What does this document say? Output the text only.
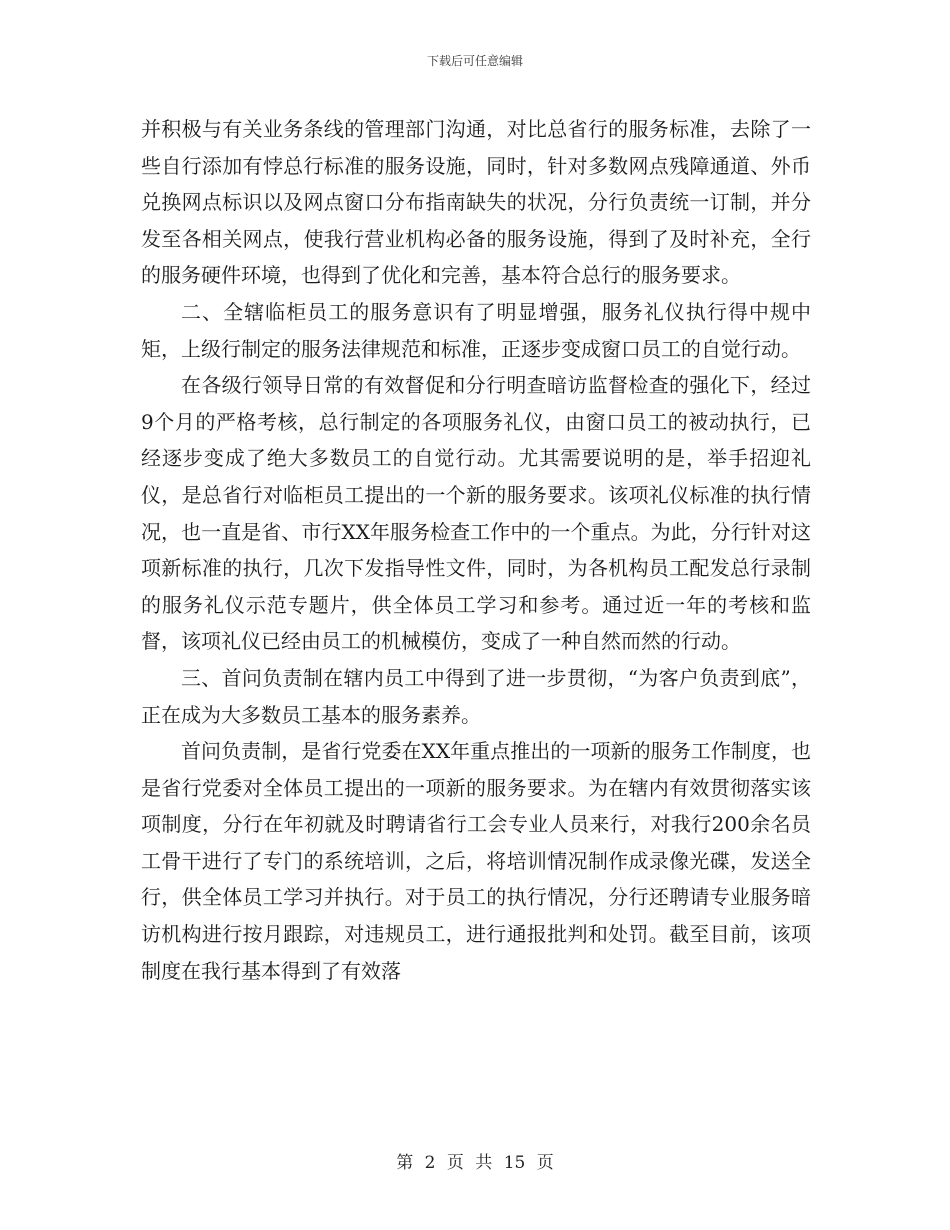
下载后可任意编辑

并积极与有关业务条线的管理部门沟通，对比总省行的服务标准，去除了一些自行添加有悖总行标准的服务设施，同时，针对多数网点残障通道、外币兑换网点标识以及网点窗口分布指南缺失的状况，分行负责统一订制，并分发至各相关网点，使我行营业机构必备的服务设施，得到了及时补充，全行的服务硬件环境，也得到了优化和完善，基本符合总行的服务要求。

二、全辖临柜员工的服务意识有了明显增强，服务礼仪执行得中规中矩，上级行制定的服务法律规范和标准，正逐步变成窗口员工的自觉行动。

在各级行领导日常的有效督促和分行明查暗访监督检查的强化下，经过9个月的严格考核，总行制定的各项服务礼仪，由窗口员工的被动执行，已经逐步变成了绝大多数员工的自觉行动。尤其需要说明的是，举手招迎礼仪，是总省行对临柜员工提出的一个新的服务要求。该项礼仪标准的执行情况，也一直是省、市行XX年服务检查工作中的一个重点。为此，分行针对这项新标准的执行，几次下发指导性文件，同时，为各机构员工配发总行录制的服务礼仪示范专题片，供全体员工学习和参考。通过近一年的考核和监督，该项礼仪已经由员工的机械模仿，变成了一种自然而然的行动。

三、首问负责制在辖内员工中得到了进一步贯彻，“为客户负责到底”，正在成为大多数员工基本的服务素养。

首问负责制，是省行党委在XX年重点推出的一项新的服务工作制度，也是省行党委对全体员工提出的一项新的服务要求。为在辖内有效贯彻落实该项制度，分行在年初就及时聘请省行工会专业人员来行，对我行200余名员工骨干进行了专门的系统培训，之后，将培训情况制作成录像光碟，发送全行，供全体员工学习并执行。对于员工的执行情况，分行还聘请专业服务暗访机构进行按月跟踪，对违规员工，进行通报批判和处罚。截至目前，该项制度在我行基本得到了有效落

第 2 页 共 15 页
